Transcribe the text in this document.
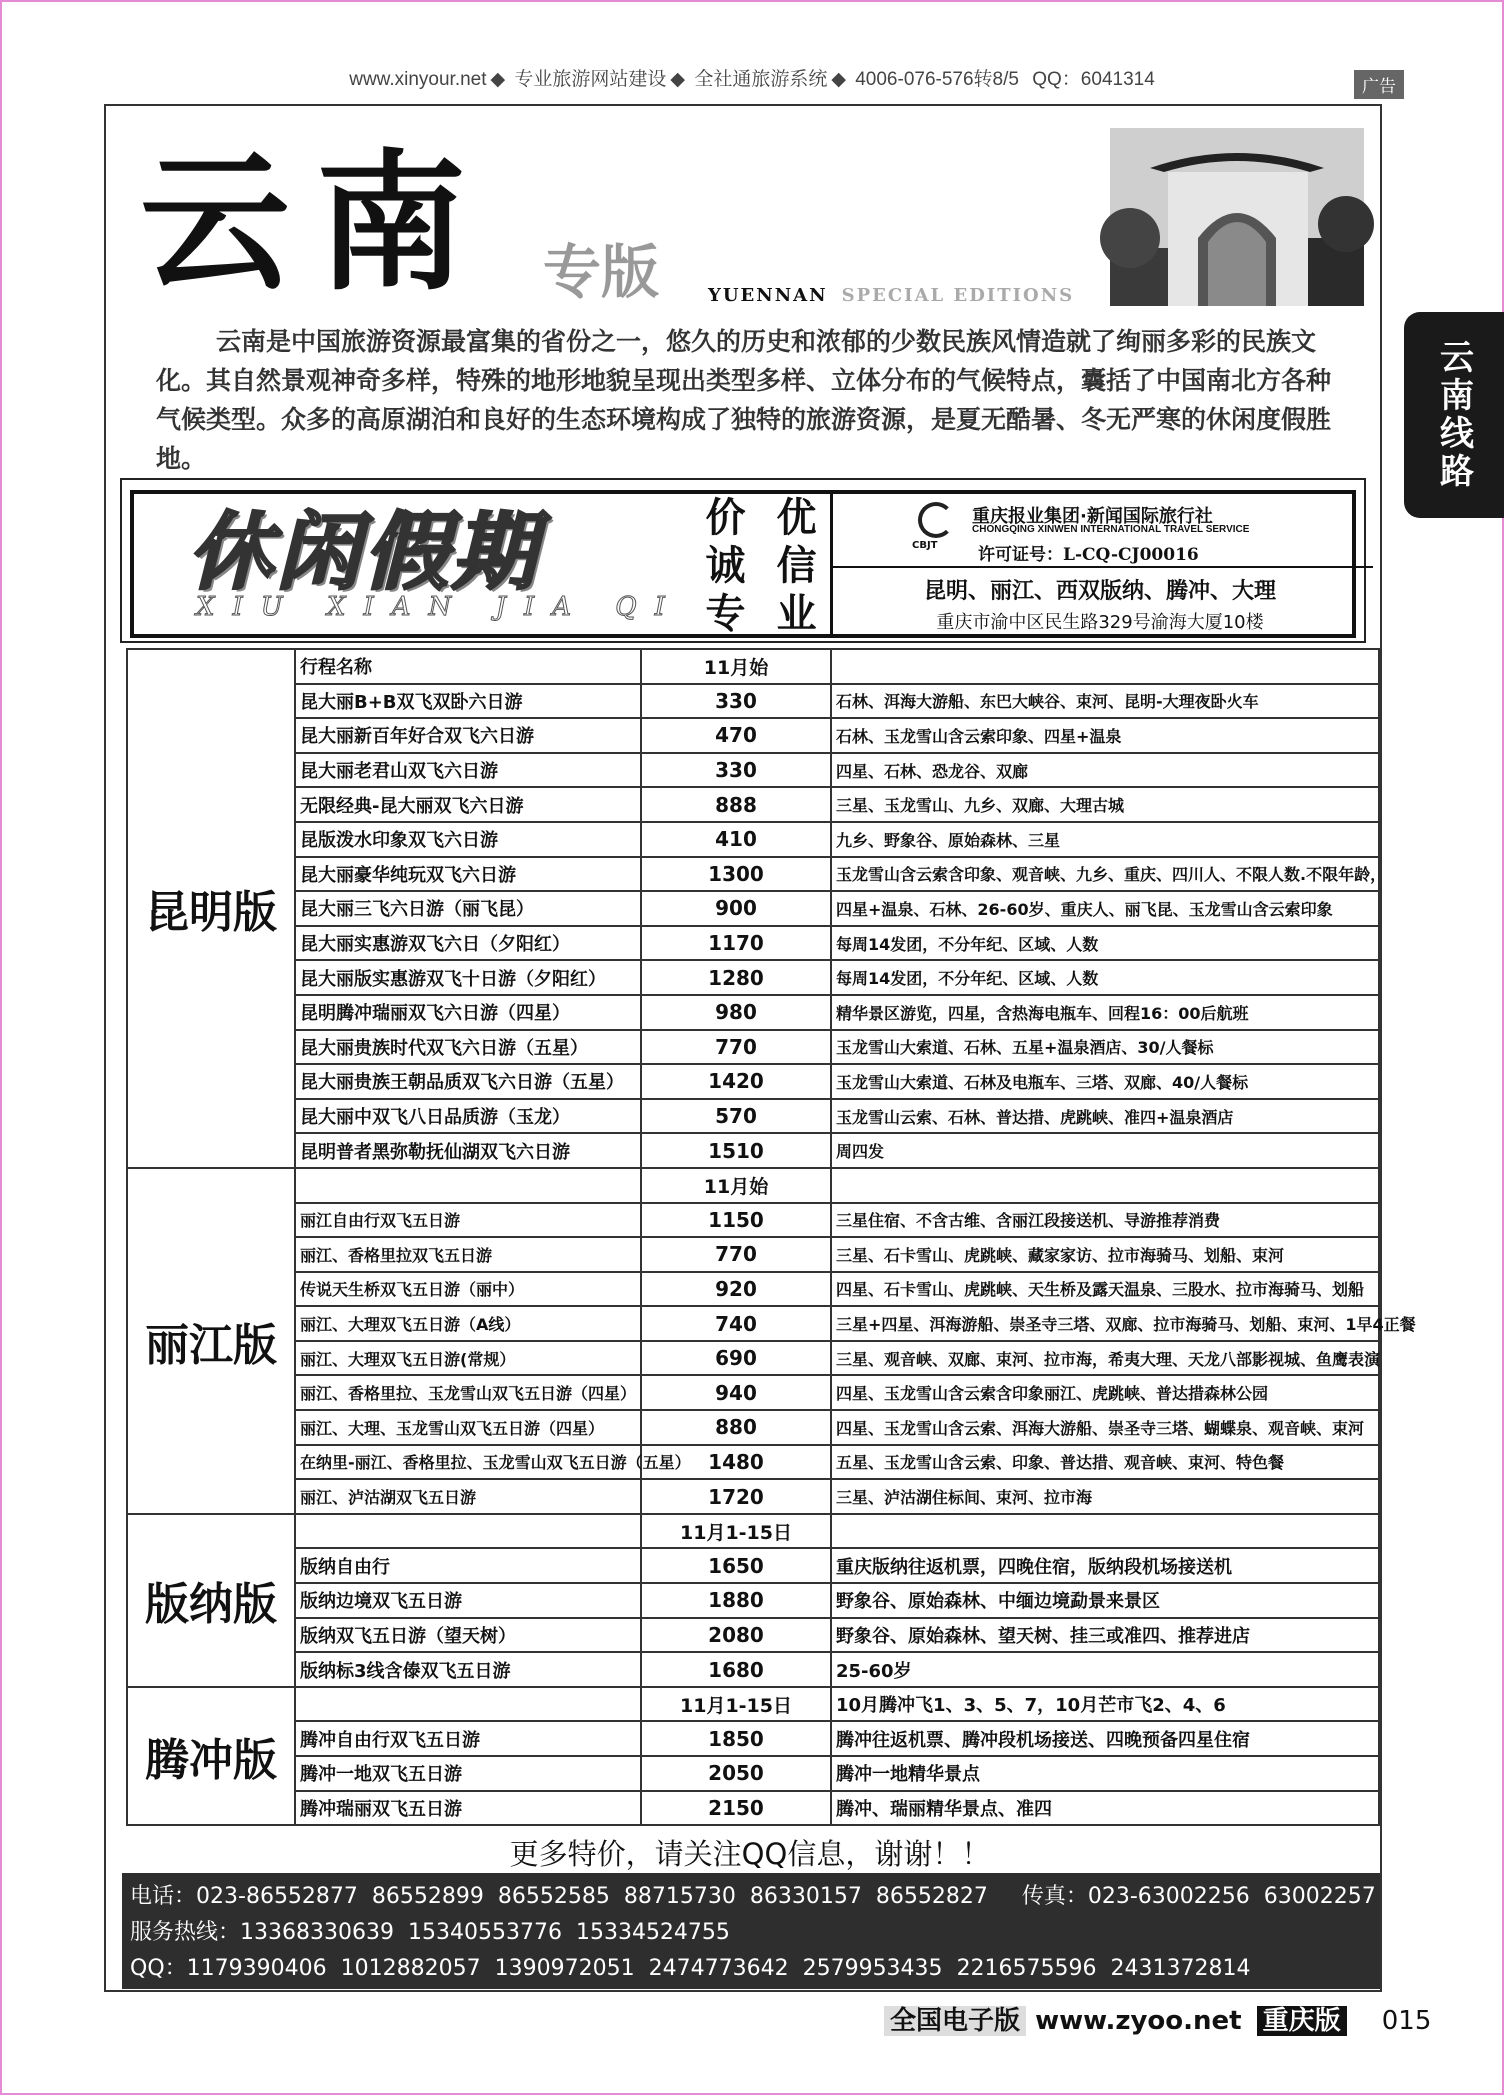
www.xinyour.net ◆ 专业旅游网站建设 ◆ 全社通旅游系统 ◆ 4006-076-576转8/5 QQ：6041314	广告
云南 专版	YUENNAN SPECIAL EDITIONS
云南线路
云南是中国旅游资源最富集的省份之一，悠久的历史和浓郁的少数民族风情造就了绚丽多彩的民族文化。其自然景观神奇多样，特殊的地形地貌呈现出类型多样、立体分布的气候特点，囊括了中国南北方各种气候类型。众多的高原湖泊和良好的生态环境构成了独特的旅游资源，是夏无酷暑、冬无严寒的休闲度假胜地。
休闲假期
XIU XIAN JIA QI
价 优
诚 信
专 业
CBJT
重庆报业集团·新闻国际旅行社
CHONGQING XINWEN INTERNATIONAL TRAVEL SERVICE
许可证号：L-CQ-CJ00016
昆明、丽江、西双版纳、腾冲、大理
重庆市渝中区民生路329号渝海大厦10楼
昆明版	行程名称	11月始	
	昆大丽B+B双飞双卧六日游	330	石林、洱海大游船、东巴大峡谷、束河、昆明-大理夜卧火车
	昆大丽新百年好合双飞六日游	470	石林、玉龙雪山含云索印象、四星+温泉
	昆大丽老君山双飞六日游	330	四星、石林、恐龙谷、双廊
	无限经典-昆大丽双飞六日游	888	三星、玉龙雪山、九乡、双廊、大理古城
	昆版泼水印象双飞六日游	410	九乡、野象谷、原始森林、三星
	昆大丽豪华纯玩双飞六日游	1300	玉龙雪山含云索含印象、观音峡、九乡、重庆、四川人、不限人数.不限年龄，
	昆大丽三飞六日游（丽飞昆）	900	四星+温泉、石林、26-60岁、重庆人、丽飞昆、玉龙雪山含云索印象
	昆大丽实惠游双飞六日（夕阳红）	1170	每周14发团，不分年纪、区域、人数
	昆大丽版实惠游双飞十日游（夕阳红）	1280	每周14发团，不分年纪、区域、人数
	昆明腾冲瑞丽双飞六日游（四星）	980	精华景区游览，四星，含热海电瓶车、回程16：00后航班
	昆大丽贵族时代双飞六日游（五星）	770	玉龙雪山大索道、石林、五星+温泉酒店、30/人餐标
	昆大丽贵族王朝品质双飞六日游（五星）	1420	玉龙雪山大索道、石林及电瓶车、三塔、双廊、40/人餐标
	昆大丽中双飞八日品质游（玉龙）	570	玉龙雪山云索、石林、普达措、虎跳峡、准四+温泉酒店
	昆明普者黑弥勒抚仙湖双飞六日游	1510	周四发
丽江版		11月始	
	丽江自由行双飞五日游	1150	三星住宿、不含古维、含丽江段接送机、导游推荐消费
	丽江、香格里拉双飞五日游	770	三星、石卡雪山、虎跳峡、藏家家访、拉市海骑马、划船、束河
	传说天生桥双飞五日游（丽中）	920	四星、石卡雪山、虎跳峡、天生桥及露天温泉、三股水、拉市海骑马、划船
	丽江、大理双飞五日游（A线）	740	三星+四星、洱海游船、崇圣寺三塔、双廊、拉市海骑马、划船、束河、1早4正餐
	丽江、大理双飞五日游(常规）	690	三星、观音峡、双廊、束河、拉市海，希夷大理、天龙八部影视城、鱼鹰表演
	丽江、香格里拉、玉龙雪山双飞五日游（四星）	940	四星、玉龙雪山含云索含印象丽江、虎跳峡、普达措森林公园
	丽江、大理、玉龙雪山双飞五日游（四星）	880	四星、玉龙雪山含云索、洱海大游船、崇圣寺三塔、蝴蝶泉、观音峡、束河
	在纳里-丽江、香格里拉、玉龙雪山双飞五日游（五星）	1480	五星、玉龙雪山含云索、印象、普达措、观音峡、束河、特色餐
	丽江、泸沽湖双飞五日游	1720	三星、泸沽湖住标间、束河、拉市海
版纳版		11月1-15日	
	版纳自由行	1650	重庆版纳往返机票，四晚住宿，版纳段机场接送机
	版纳边境双飞五日游	1880	野象谷、原始森林、中缅边境勐景来景区
	版纳双飞五日游（望天树）	2080	野象谷、原始森林、望天树、挂三或准四、推荐进店
	版纳标3线含傣双飞五日游	1680	25-60岁
腾冲版		11月1-15日	10月腾冲飞1、3、5、7，10月芒市飞2、4、6
	腾冲自由行双飞五日游	1850	腾冲往返机票、腾冲段机场接送、四晚预备四星住宿
	腾冲一地双飞五日游	2050	腾冲一地精华景点
	腾冲瑞丽双飞五日游	2150	腾冲、瑞丽精华景点、准四
更多特价，请关注QQ信息，谢谢！！
电话：023-86552877 86552899 86552585 88715730 86330157 86552827 传真：023-63002256 63002257
服务热线：13368330639 15340553776 15334524755
QQ：1179390406 1012882057 1390972051 2474773642 2579953435 2216575596 2431372814
全国电子版 www.zyoo.net 重庆版 015
